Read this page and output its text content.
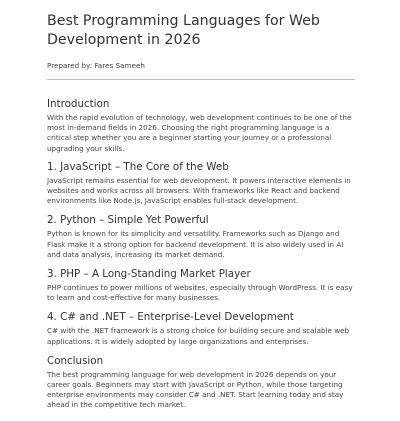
Best Programming Languages for Web Development in 2026

Prepared by: Fares Sameeh

Introduction

With the rapid evolution of technology, web development continues to be one of the most in-demand fields in 2026. Choosing the right programming language is a critical step whether you are a beginner starting your journey or a professional upgrading your skills.

1. JavaScript – The Core of the Web

JavaScript remains essential for web development. It powers interactive elements in websites and works across all browsers. With frameworks like React and backend environments like Node.js, JavaScript enables full-stack development.

2. Python – Simple Yet Powerful

Python is known for its simplicity and versatility. Frameworks such as Django and Flask make it a strong option for backend development. It is also widely used in AI and data analysis, increasing its market demand.

3. PHP – A Long-Standing Market Player

PHP continues to power millions of websites, especially through WordPress. It is easy to learn and cost-effective for many businesses.

4. C# and .NET – Enterprise-Level Development

C# with the .NET framework is a strong choice for building secure and scalable web applications. It is widely adopted by large organizations and enterprises.

Conclusion

The best programming language for web development in 2026 depends on your career goals. Beginners may start with JavaScript or Python, while those targeting enterprise environments may consider C# and .NET. Start learning today and stay ahead in the competitive tech market.
